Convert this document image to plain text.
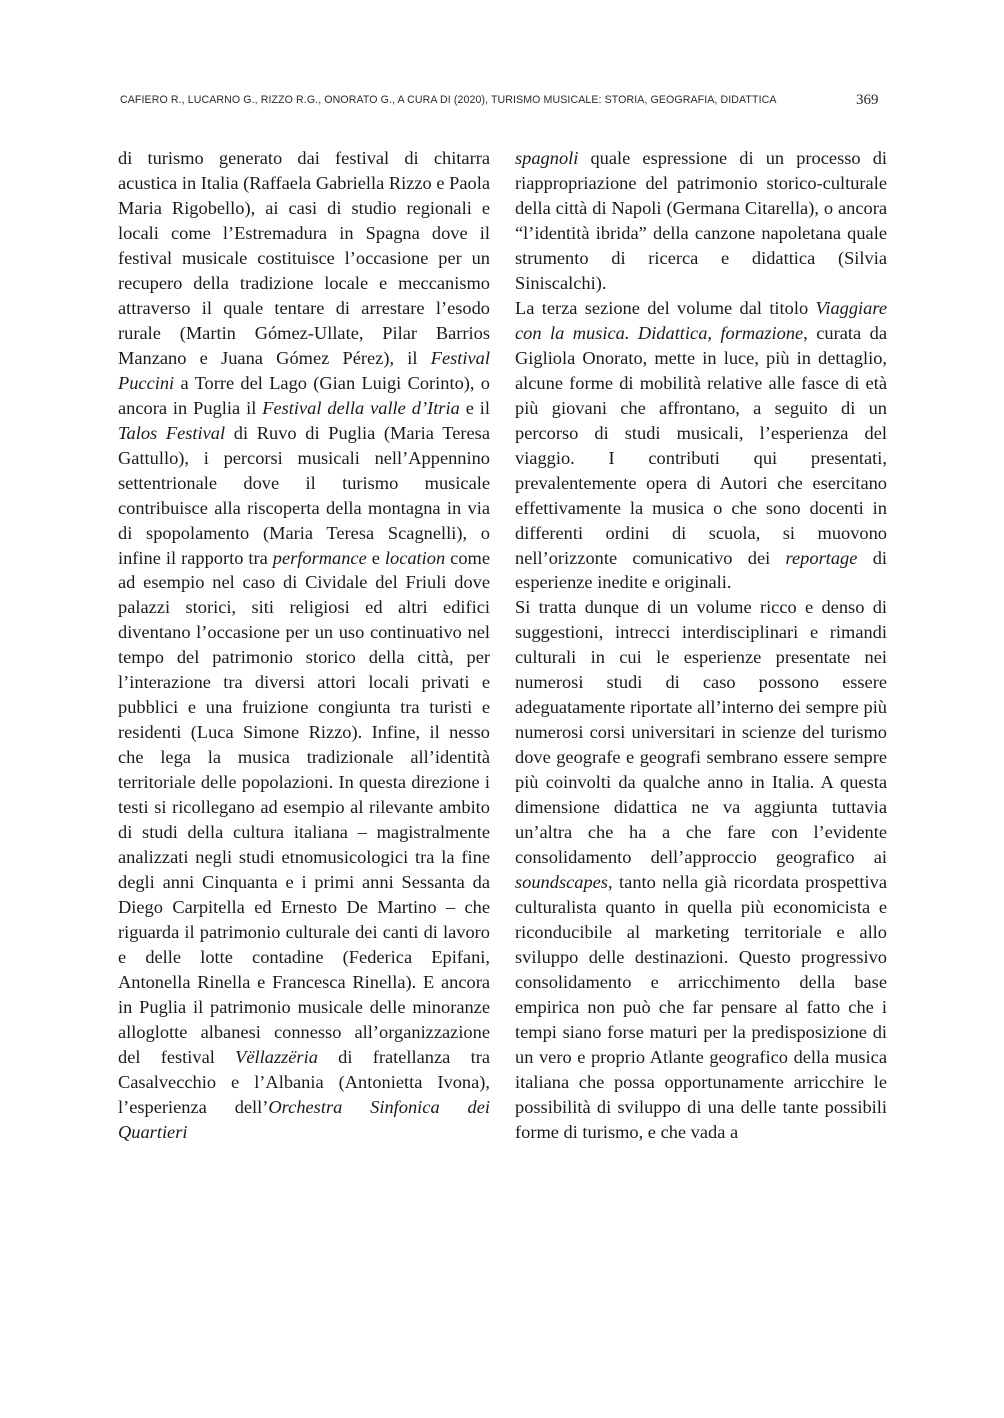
CAFIERO R., LUCARNO G., RIZZO R.G., ONORATO G., A CURA DI (2020), TURISMO MUSICALE: STORIA, GEOGRAFIA, DIDATTICA	369

di turismo generato dai festival di chitarra acustica in Italia (Raffaela Gabriella Rizzo e Paola Maria Rigobello), ai casi di studio regionali e locali come l’Estremadura in Spagna dove il festival musicale costituisce l’occasione per un recupero della tradizione locale e meccanismo attraverso il quale tentare di arrestare l’esodo rurale (Martin Gómez-Ullate, Pilar Barrios Manzano e Juana Gómez Pérez), il Festival Puccini a Torre del Lago (Gian Luigi Corinto), o ancora in Puglia il Festival della valle d’Itria e il Talos Festival di Ruvo di Puglia (Maria Teresa Gattullo), i percorsi musicali nell’Appennino settentrionale dove il turismo musicale contribuisce alla riscoperta della montagna in via di spopolamento (Maria Teresa Scagnelli), o infine il rapporto tra performance e location come ad esempio nel caso di Cividale del Friuli dove palazzi storici, siti religiosi ed altri edifici diventano l’occasione per un uso continuativo nel tempo del patrimonio storico della città, per l’interazione tra diversi attori locali privati e pubblici e una fruizione congiunta tra turisti e residenti (Luca Simone Rizzo). Infine, il nesso che lega la musica tradizionale all’identità territoriale delle popolazioni. In questa direzione i testi si ricollegano ad esempio al rilevante ambito di studi della cultura italiana – magistralmente analizzati negli studi etnomusicologici tra la fine degli anni Cinquanta e i primi anni Sessanta da Diego Carpitella ed Ernesto De Martino – che riguarda il patrimonio culturale dei canti di lavoro e delle lotte contadine (Federica Epifani, Antonella Rinella e Francesca Rinella). E ancora in Puglia il patrimonio musicale delle minoranze alloglotte albanesi connesso all’organizzazione del festival Vëllazzëria di fratellanza tra Casalvecchio e l’Albania (Antonietta Ivona), l’esperienza dell’Orchestra Sinfonica dei Quartieri

spagnoli quale espressione di un processo di riappropriazione del patrimonio storico-culturale della città di Napoli (Germana Citarella), o ancora “l’identità ibrida” della canzone napoletana quale strumento di ricerca e didattica (Silvia Siniscalchi).

La terza sezione del volume dal titolo Viaggiare con la musica. Didattica, formazione, curata da Gigliola Onorato, mette in luce, più in dettaglio, alcune forme di mobilità relative alle fasce di età più giovani che affrontano, a seguito di un percorso di studi musicali, l’esperienza del viaggio. I contributi qui presentati, prevalentemente opera di Autori che esercitano effettivamente la musica o che sono docenti in differenti ordini di scuola, si muovono nell’orizzonte comunicativo dei reportage di esperienze inedite e originali.

Si tratta dunque di un volume ricco e denso di suggestioni, intrecci interdisciplinari e rimandi culturali in cui le esperienze presentate nei numerosi studi di caso possono essere adeguatamente riportate all’interno dei sempre più numerosi corsi universitari in scienze del turismo dove geografe e geografi sembrano essere sempre più coinvolti da qualche anno in Italia. A questa dimensione didattica ne va aggiunta tuttavia un’altra che ha a che fare con l’evidente consolidamento dell’approccio geografico ai soundscapes, tanto nella già ricordata prospettiva culturalista quanto in quella più economicista e riconducibile al marketing territoriale e allo sviluppo delle destinazioni. Questo progressivo consolidamento e arricchimento della base empirica non può che far pensare al fatto che i tempi siano forse maturi per la predisposizione di un vero e proprio Atlante geografico della musica italiana che possa opportunamente arricchire le possibilità di sviluppo di una delle tante possibili forme di turismo, e che vada a
